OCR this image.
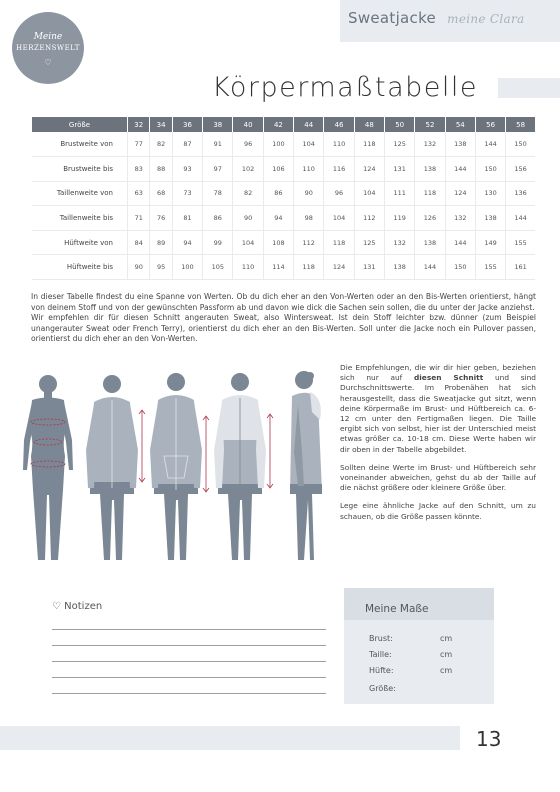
Sweatjacke meine Clara
Meine
HERZENSWELT
♡
Körpermaßtabelle
Größe	32	34	36	38	40	42	44	46	48	50	52	54	56	58
Brustweite von	77	82	87	91	96	100	104	110	118	125	132	138	144	150
Brustweite bis	83	88	93	97	102	106	110	116	124	131	138	144	150	156
Taillenweite von	63	68	73	78	82	86	90	96	104	111	118	124	130	136
Taillenweite bis	71	76	81	86	90	94	98	104	112	119	126	132	138	144
Hüftweite von	84	89	94	99	104	108	112	118	125	132	138	144	149	155
Hüftweite bis	90	95	100	105	110	114	118	124	131	138	144	150	155	161
In dieser Tabelle findest du eine Spanne von Werten. Ob du dich eher an den Von-Werten oder an den Bis-Werten orientierst, hängt von deinem Stoff und von der gewünschten Passform ab und davon wie dick die Sachen sein sollen, die du unter der Jacke anziehst.
Wir empfehlen dir für diesen Schnitt angerauten Sweat, also Wintersweat. Ist dein Stoff leichter bzw. dünner (zum Beispiel unangerauter Sweat oder French Terry), orientierst du dich eher an den Bis-Werten. Soll unter die Jacke noch ein Pullover passen, orientierst du dich eher an den Von-Werten.

Die Empfehlungen, die wir dir hier geben, beziehen sich nur auf diesen Schnitt und sind Durchschnittswerte. Im Probenähen hat sich herausgestellt, dass die Sweatjacke gut sitzt, wenn deine Körpermaße im Brust- und Hüftbereich ca. 6-12 cm unter den Fertigmaßen liegen. Die Taille ergibt sich von selbst, hier ist der Unterschied meist etwas größer ca. 10-18 cm. Diese Werte haben wir dir oben in der Tabelle abgebildet.

Sollten deine Werte im Brust- und Hüftbereich sehr voneinander abweichen, gehst du ab der Taille auf die nächst größere oder kleinere Größe über.

Lege eine ähnliche Jacke auf den Schnitt, um zu schauen, ob die Größe passen könnte.

♡ Notizen	Meine Maße
Brust:	cm
Taille:	cm
Hüfte:	cm
Größe:
13
